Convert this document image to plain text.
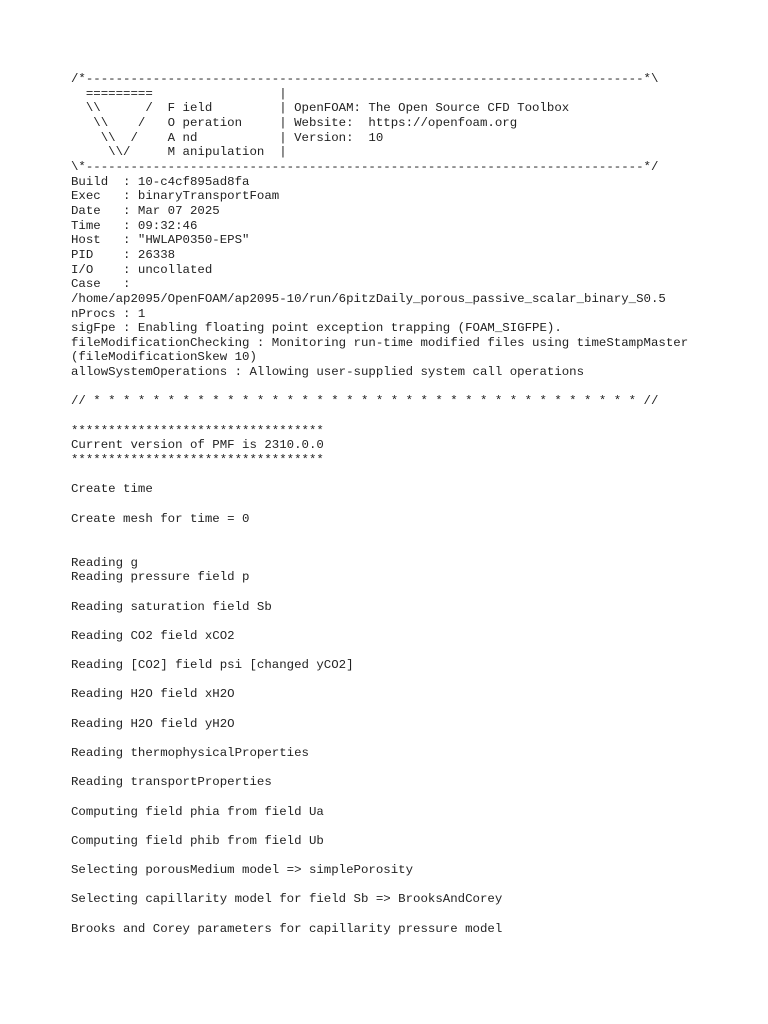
/*---------------------------------------------------------------------------*\
=========                 |
\\      /  F ield         | OpenFOAM: The Open Source CFD Toolbox
\\    /   O peration     | Website:  https://openfoam.org
\\  /    A nd           | Version:  10
\\/     M anipulation  |
\*---------------------------------------------------------------------------*/
Build  : 10-c4cf895ad8fa
Exec   : binaryTransportFoam
Date   : Mar 07 2025
Time   : 09:32:46
Host   : "HWLAP0350-EPS"
PID    : 26338
I/O    : uncollated
Case   :
/home/ap2095/OpenFOAM/ap2095-10/run/6pitzDaily_porous_passive_scalar_binary_S0.5
nProcs : 1
sigFpe : Enabling floating point exception trapping (FOAM_SIGFPE).
fileModificationChecking : Monitoring run-time modified files using timeStampMaster
(fileModificationSkew 10)
allowSystemOperations : Allowing user-supplied system call operations
// * * * * * * * * * * * * * * * * * * * * * * * * * * * * * * * * * * * * * //
**********************************
Current version of PMF is 2310.0.0
**********************************
Create time
Create mesh for time = 0
Reading g
Reading pressure field p
Reading saturation field Sb
Reading CO2 field xCO2
Reading [CO2] field psi [changed yCO2]
Reading H2O field xH2O
Reading H2O field yH2O
Reading thermophysicalProperties
Reading transportProperties
Computing field phia from field Ua
Computing field phib from field Ub
Selecting porousMedium model => simplePorosity
Selecting capillarity model for field Sb => BrooksAndCorey
Brooks and Corey parameters for capillarity pressure model
